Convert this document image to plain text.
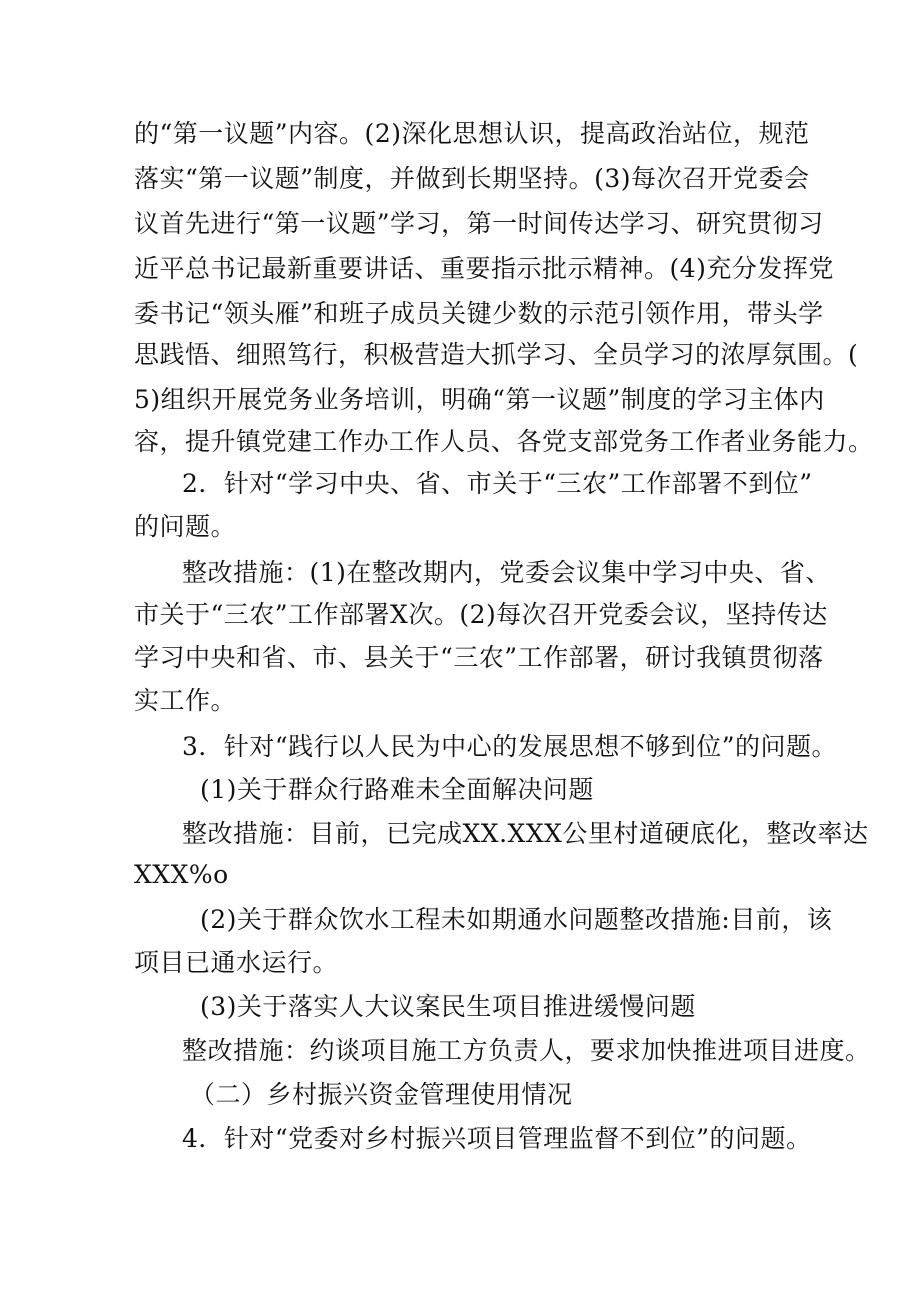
的“第一议题”内容。(2)深化思想认识，提高政治站位，规范
落实“第一议题”制度，并做到长期坚持。(3)每次召开党委会
议首先进行“第一议题”学习，第一时间传达学习、研究贯彻习
近平总书记最新重要讲话、重要指示批示精神。(4)充分发挥党
委书记“领头雁”和班子成员关键少数的示范引领作用，带头学
思践悟、细照笃行，积极营造大抓学习、全员学习的浓厚氛围。(
5)组织开展党务业务培训，明确“第一议题”制度的学习主体内
容，提升镇党建工作办工作人员、各党支部党务工作者业务能力。
2．针对“学习中央、省、市关于“三农”工作部署不到位”
的问题。
整改措施：(1)在整改期内，党委会议集中学习中央、省、
市关于“三农”工作部署X次。(2)每次召开党委会议，坚持传达
学习中央和省、市、县关于“三农”工作部署，研讨我镇贯彻落
实工作。
3．针对“践行以人民为中心的发展思想不够到位”的问题。
(1)关于群众行路难未全面解决问题
整改措施：目前，已完成XX.XXX公里村道硬底化，整改率达
XXX%o
(2)关于群众饮水工程未如期通水问题整改措施:目前，该
项目已通水运行。
(3)关于落实人大议案民生项目推进缓慢问题
整改措施：约谈项目施工方负责人，要求加快推进项目进度。
（二）乡村振兴资金管理使用情况
4．针对“党委对乡村振兴项目管理监督不到位”的问题。
